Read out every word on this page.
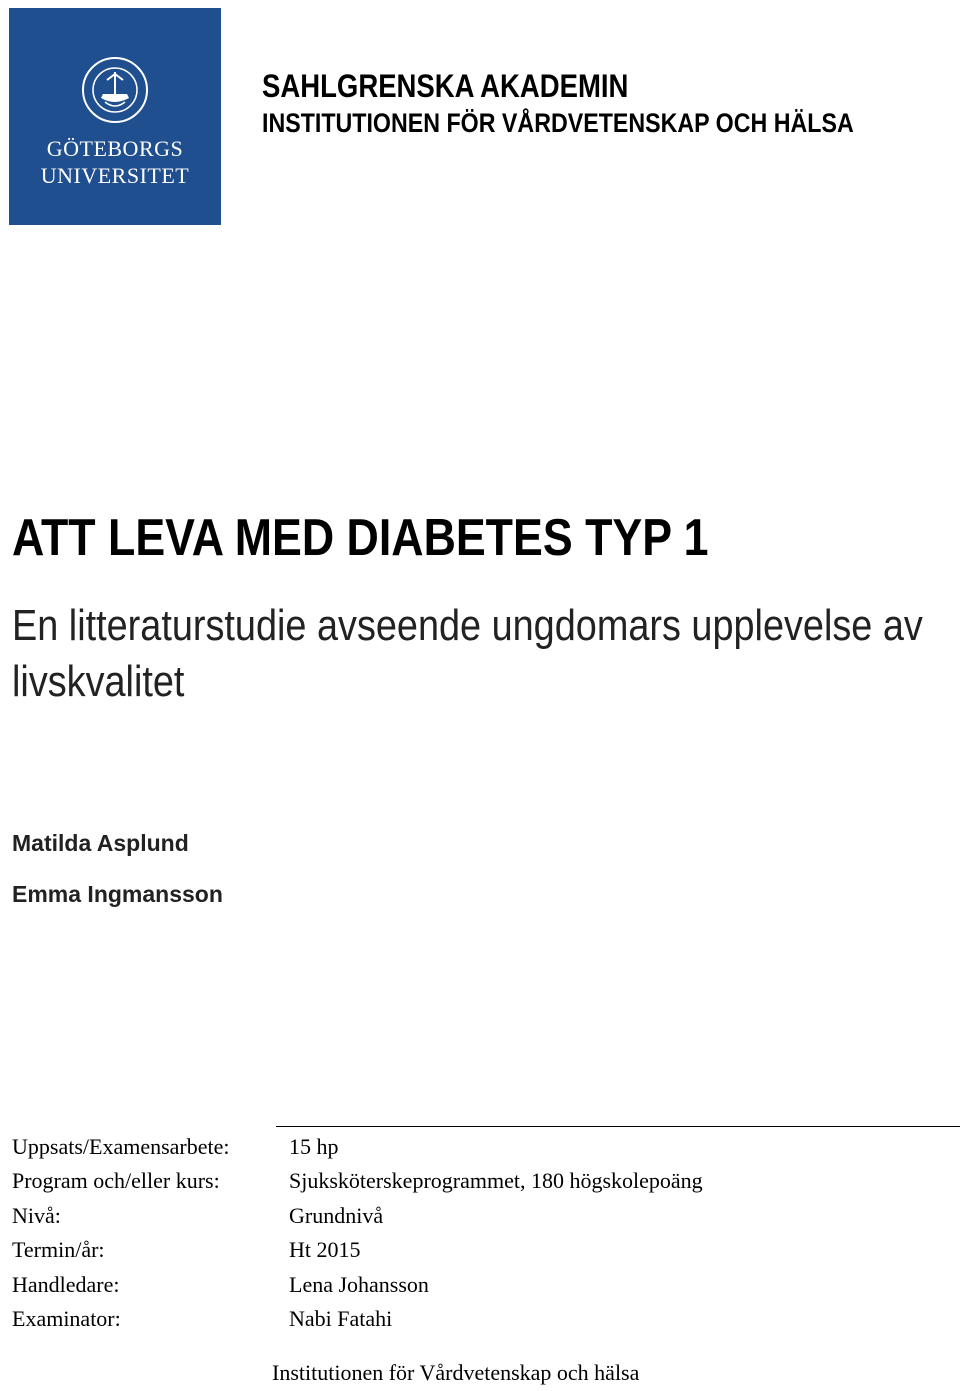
GÖTEBORGS
UNIVERSITET
SAHLGRENSKA AKADEMIN
INSTITUTIONEN FÖR VÅRDVETENSKAP OCH HÄLSA
ATT LEVA MED DIABETES TYP 1
En litteraturstudie avseende ungdomars upplevelse av livskvalitet
Matilda Asplund
Emma Ingmansson
Uppsats/Examensarbete:	15 hp
Program och/eller kurs:	Sjuksköterskeprogrammet, 180 högskolepoäng
Nivå:	Grundnivå
Termin/år:	Ht 2015
Handledare:	Lena Johansson
Examinator:	Nabi Fatahi
Institutionen för Vårdvetenskap och hälsa
